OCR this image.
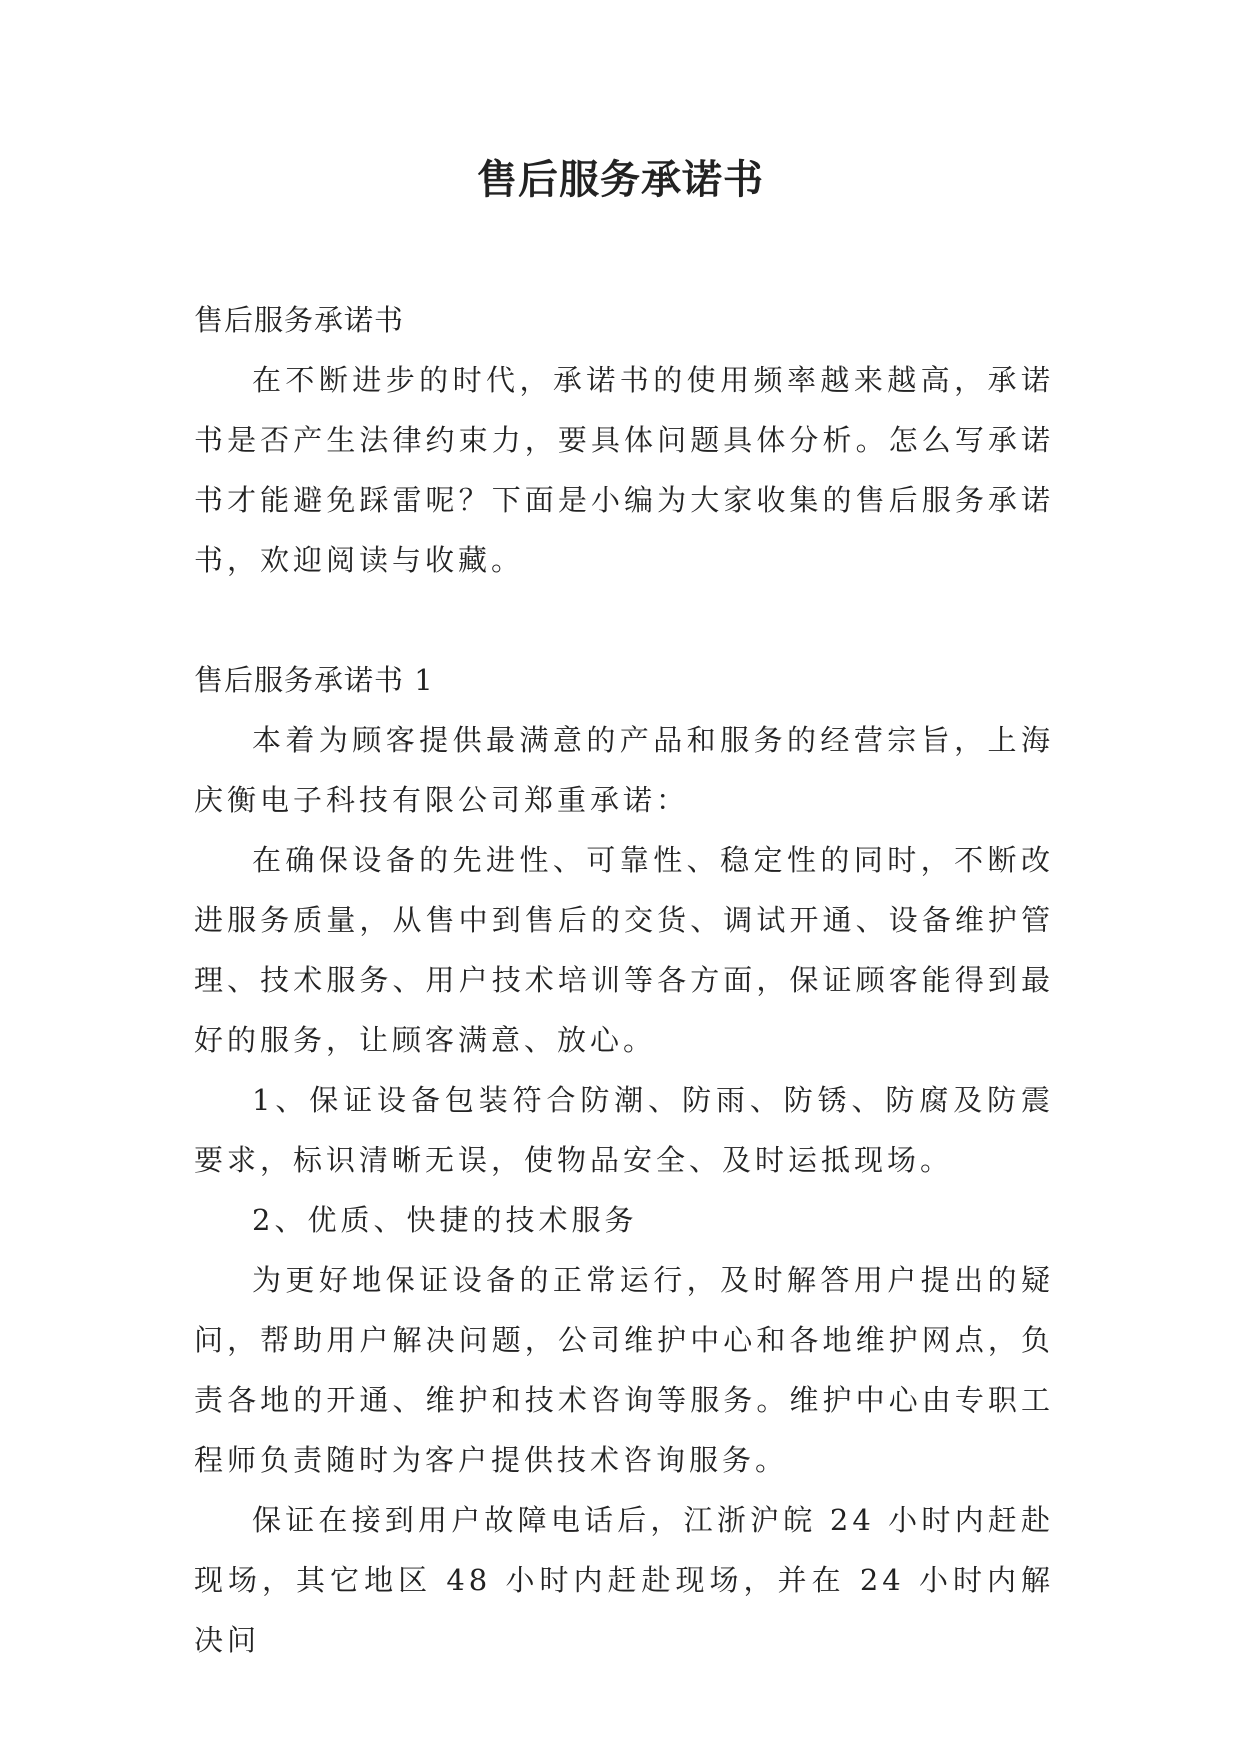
售后服务承诺书

售后服务承诺书

在不断进步的时代，承诺书的使用频率越来越高，承诺书是否产生法律约束力，要具体问题具体分析。怎么写承诺书才能避免踩雷呢？下面是小编为大家收集的售后服务承诺书，欢迎阅读与收藏。

售后服务承诺书 1

本着为顾客提供最满意的产品和服务的经营宗旨，上海庆衡电子科技有限公司郑重承诺：

在确保设备的先进性、可靠性、稳定性的同时，不断改进服务质量，从售中到售后的交货、调试开通、设备维护管理、技术服务、用户技术培训等各方面，保证顾客能得到最好的服务，让顾客满意、放心。

1、保证设备包装符合防潮、防雨、防锈、防腐及防震要求，标识清晰无误，使物品安全、及时运抵现场。

2、优质、快捷的技术服务

为更好地保证设备的正常运行，及时解答用户提出的疑问，帮助用户解决问题，公司维护中心和各地维护网点，负责各地的开通、维护和技术咨询等服务。维护中心由专职工程师负责随时为客户提供技术咨询服务。

保证在接到用户故障电话后，江浙沪皖 24 小时内赶赴现场，其它地区 48 小时内赶赴现场，并在 24 小时内解决问
